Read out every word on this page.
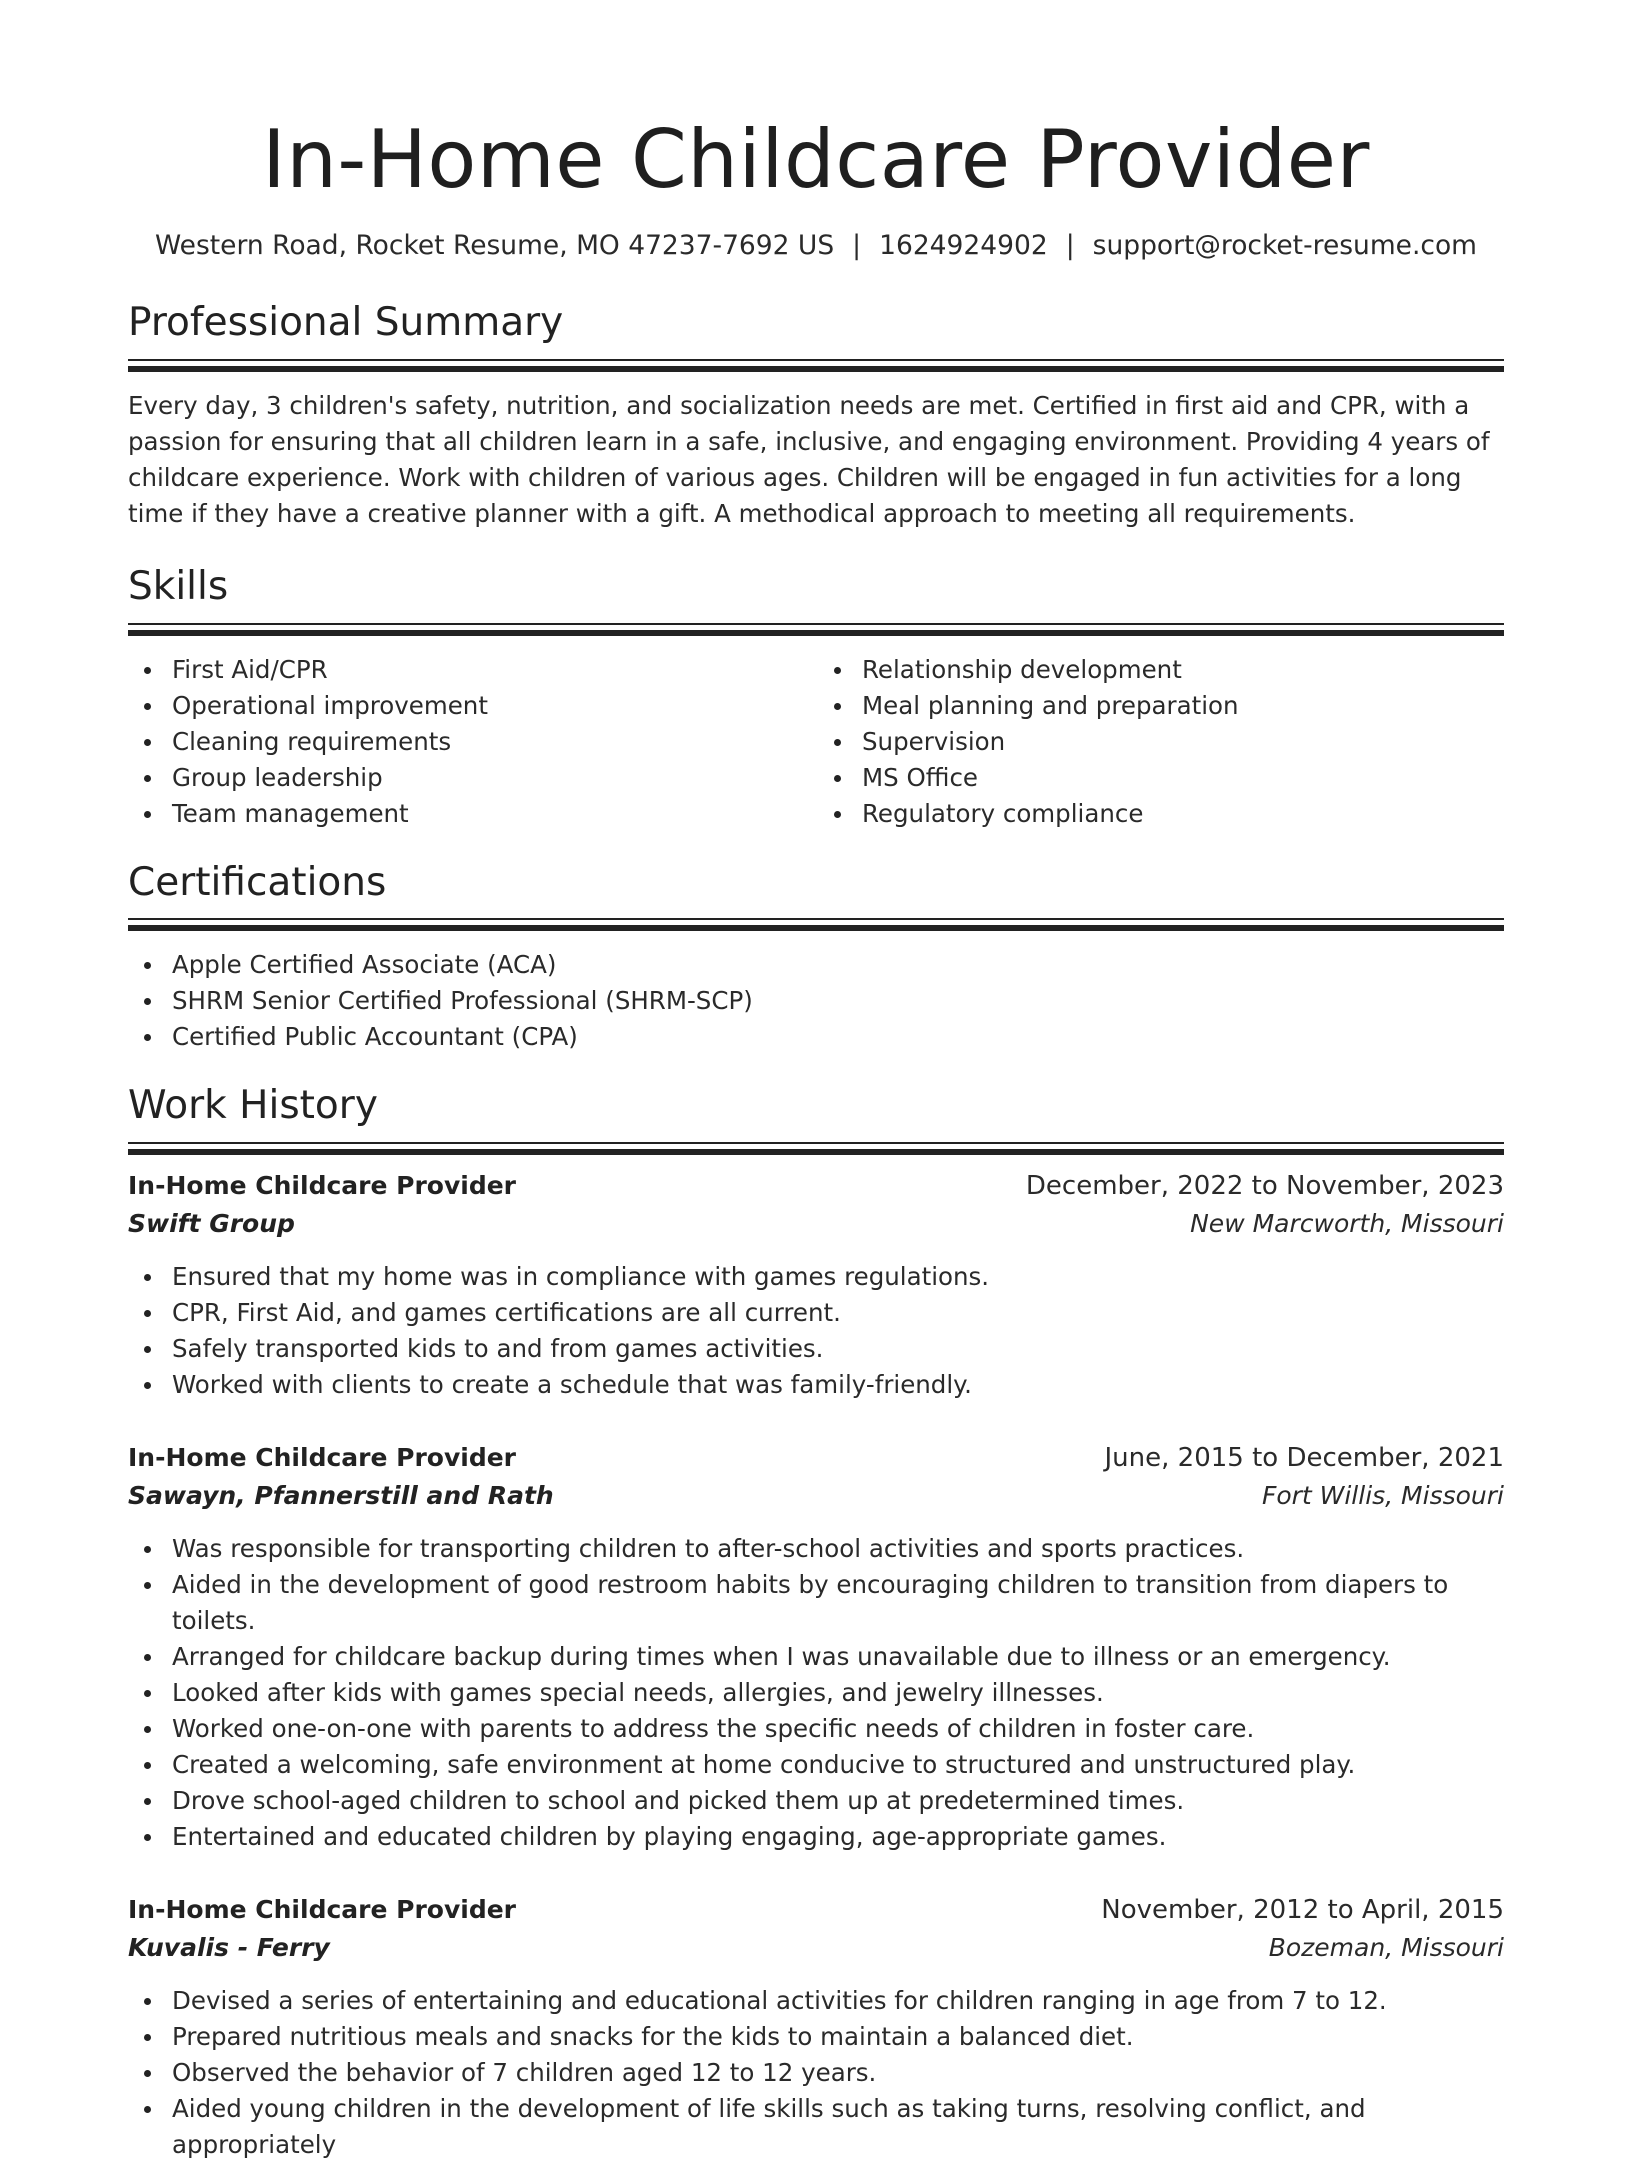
In-Home Childcare Provider
Western Road, Rocket Resume, MO 47237-7692 US | 1624924902 | support@rocket-resume.com
Professional Summary

Every day, 3 children's safety, nutrition, and socialization needs are met. Certified in first aid and CPR, with a passion for ensuring that all children learn in a safe, inclusive, and engaging environment. Providing 4 years of childcare experience. Work with children of various ages. Children will be engaged in fun activities for a long time if they have a creative planner with a gift. A methodical approach to meeting all requirements.

Skills
First Aid/CPR
Operational improvement
Cleaning requirements
Group leadership
Team management
Relationship development
Meal planning and preparation
Supervision
MS Office
Regulatory compliance
Certifications
Apple Certified Associate (ACA)
SHRM Senior Certified Professional (SHRM-SCP)
Certified Public Accountant (CPA)
Work History
In-Home Childcare Provider	December, 2022 to November, 2023
Swift Group	New Marcworth, Missouri
Ensured that my home was in compliance with games regulations.
CPR, First Aid, and games certifications are all current.
Safely transported kids to and from games activities.
Worked with clients to create a schedule that was family-friendly.
In-Home Childcare Provider	June, 2015 to December, 2021
Sawayn, Pfannerstill and Rath	Fort Willis, Missouri
Was responsible for transporting children to after-school activities and sports practices.
Aided in the development of good restroom habits by encouraging children to transition from diapers to toilets.
Arranged for childcare backup during times when I was unavailable due to illness or an emergency.
Looked after kids with games special needs, allergies, and jewelry illnesses.
Worked one-on-one with parents to address the specific needs of children in foster care.
Created a welcoming, safe environment at home conducive to structured and unstructured play.
Drove school-aged children to school and picked them up at predetermined times.
Entertained and educated children by playing engaging, age-appropriate games.
In-Home Childcare Provider	November, 2012 to April, 2015
Kuvalis - Ferry	Bozeman, Missouri
Devised a series of entertaining and educational activities for children ranging in age from 7 to 12.
Prepared nutritious meals and snacks for the kids to maintain a balanced diet.
Observed the behavior of 7 children aged 12 to 12 years.
Aided young children in the development of life skills such as taking turns, resolving conflict, and appropriately
